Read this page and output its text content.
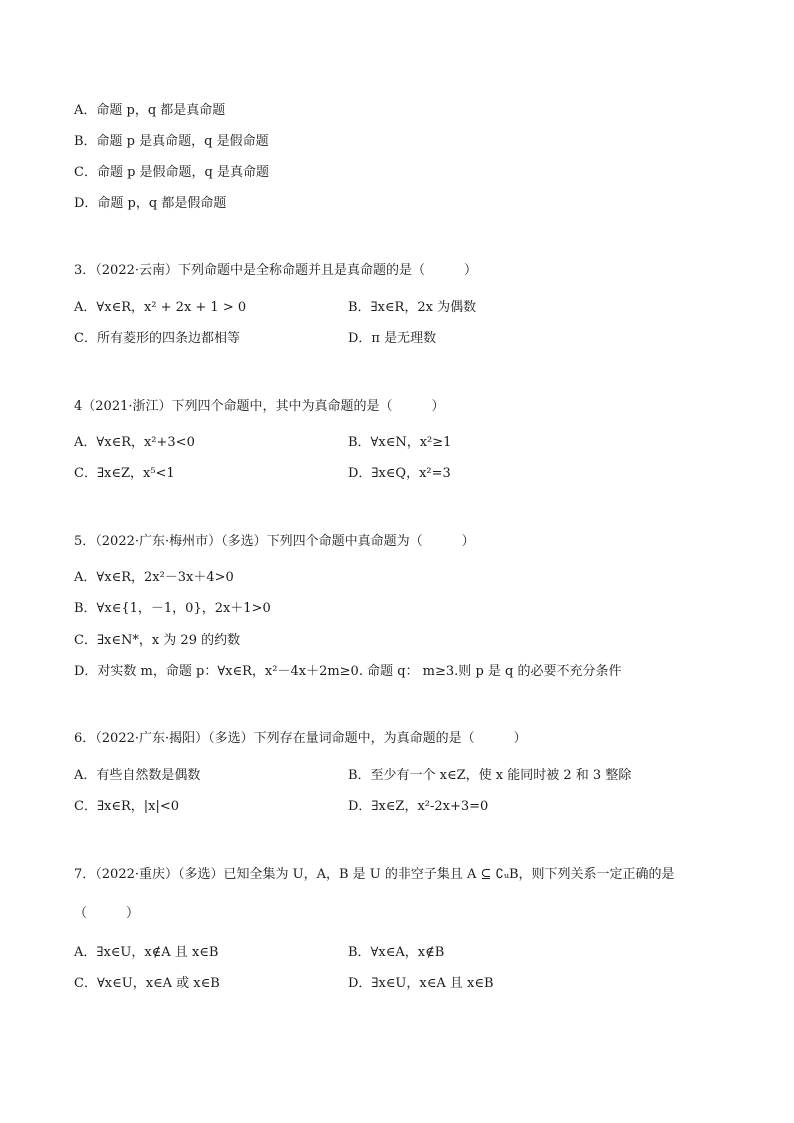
A．命题 p，q 都是真命题
B．命题 p 是真命题，q 是假命题
C．命题 p 是假命题，q 是真命题
D．命题 p，q 都是假命题
3．（2022·云南）下列命题中是全称命题并且是真命题的是（　　　）
A．∀x∈R，x² + 2x + 1 > 0	B．∃x∈R，2x 为偶数
C．所有菱形的四条边都相等	D．π 是无理数
4（2021·浙江）下列四个命题中，其中为真命题的是（　　　）
A．∀x∈R，x²+3<0	B．∀x∈N，x²≥1
C．∃x∈Z，x⁵<1	D．∃x∈Q，x²=3
5．（2022·广东·梅州市）（多选）下列四个命题中真命题为（　　　）
A．∀x∈R，2x²－3x＋4>0
B．∀x∈{1，－1，0}，2x＋1>0
C．∃x∈N*，x 为 29 的约数
D．对实数 m，命题 p：∀x∈R，x²－4x＋2m≥0. 命题 q： m≥3.则 p 是 q 的必要不充分条件
6．（2022·广东·揭阳）（多选）下列存在量词命题中，为真命题的是（　　　）
A．有些自然数是偶数	B．至少有一个 x∈Z，使 x 能同时被 2 和 3 整除
C．∃x∈R，|x|<0	D．∃x∈Z，x²-2x+3=0
7．（2022·重庆）（多选）已知全集为 U，A，B 是 U 的非空子集且 A ⊆ ∁ᵤB，则下列关系一定正确的是
（　　　）
A．∃x∈U，x∉A 且 x∈B	B．∀x∈A，x∉B
C．∀x∈U，x∈A 或 x∈B	D．∃x∈U，x∈A 且 x∈B
